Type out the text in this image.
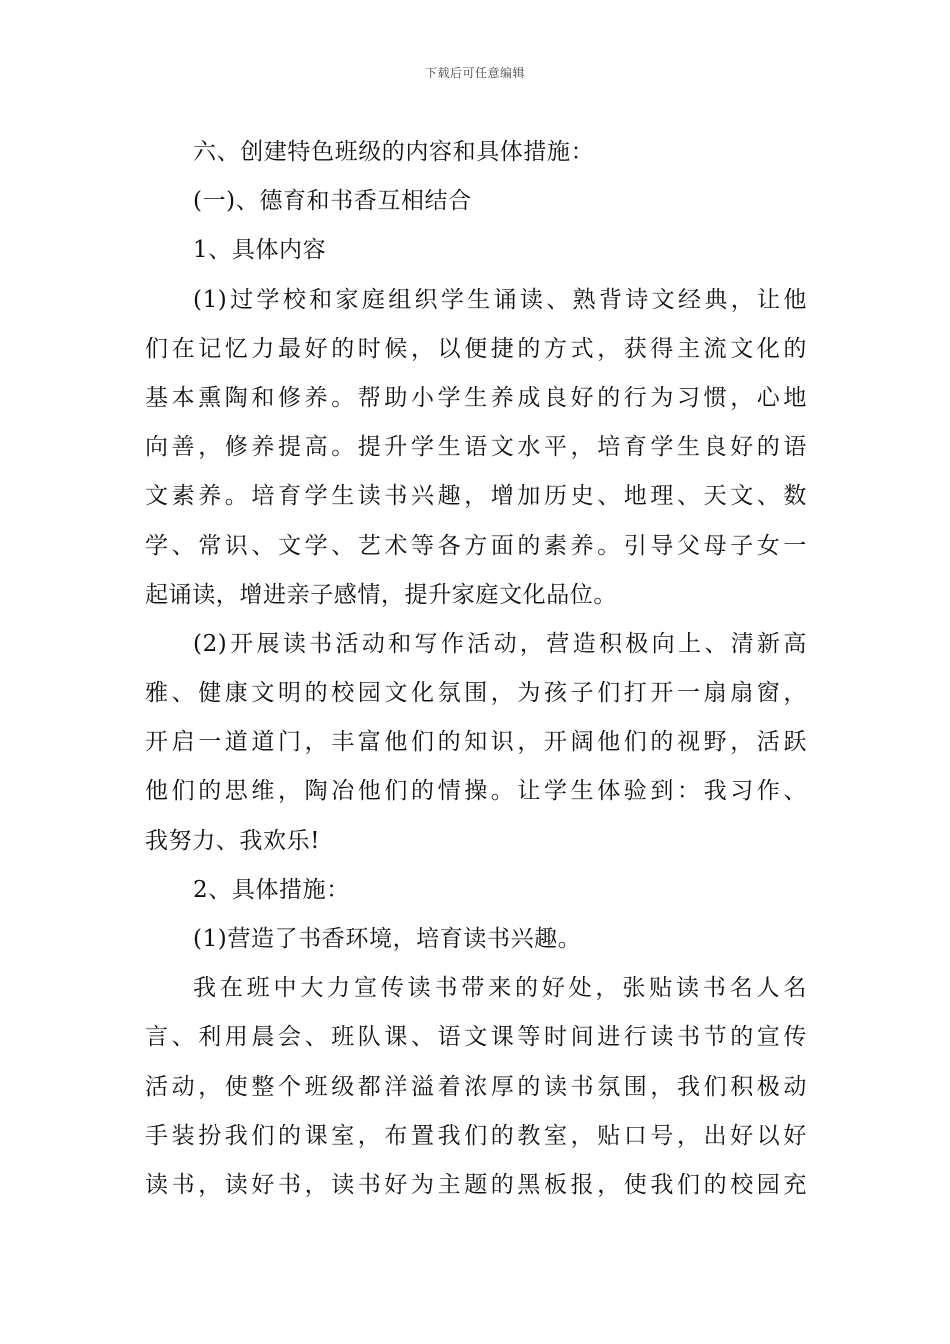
下载后可任意编辑
六、创建特色班级的内容和具体措施：
(一)、德育和书香互相结合
1、具体内容
(1)过学校和家庭组织学生诵读、熟背诗文经典，让他
们在记忆力最好的时候，以便捷的方式，获得主流文化的
基本熏陶和修养。帮助小学生养成良好的行为习惯，心地
向善，修养提高。提升学生语文水平，培育学生良好的语
文素养。培育学生读书兴趣，增加历史、地理、天文、数
学、常识、文学、艺术等各方面的素养。引导父母子女一
起诵读，增进亲子感情，提升家庭文化品位。
(2)开展读书活动和写作活动，营造积极向上、清新高
雅、健康文明的校园文化氛围，为孩子们打开一扇扇窗，
开启一道道门，丰富他们的知识，开阔他们的视野，活跃
他们的思维，陶冶他们的情操。让学生体验到：我习作、
我努力、我欢乐!
2、具体措施：
(1)营造了书香环境，培育读书兴趣。
我在班中大力宣传读书带来的好处，张贴读书名人名
言、利用晨会、班队课、语文课等时间进行读书节的宣传
活动，使整个班级都洋溢着浓厚的读书氛围，我们积极动
手装扮我们的课室，布置我们的教室，贴口号，出好以好
读书，读好书，读书好为主题的黑板报，使我们的校园充
